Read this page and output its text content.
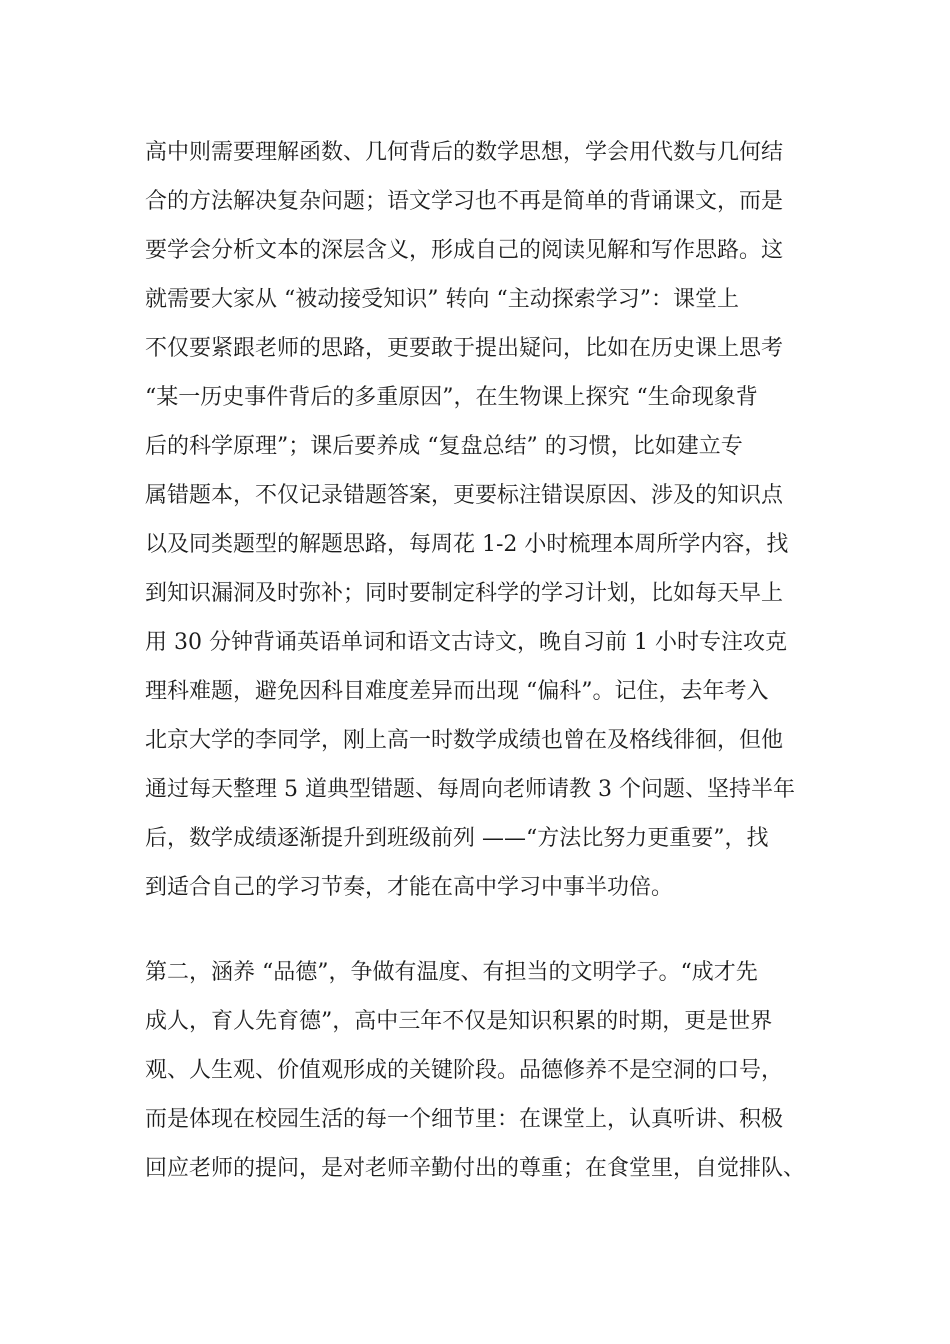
高中则需要理解函数、几何背后的数学思想，学会用代数与几何结
合的方法解决复杂问题；语文学习也不再是简单的背诵课文，而是
要学会分析文本的深层含义，形成自己的阅读见解和写作思路。这
就需要大家从 “被动接受知识” 转向 “主动探索学习”：课堂上
不仅要紧跟老师的思路，更要敢于提出疑问，比如在历史课上思考
“某一历史事件背后的多重原因”，在生物课上探究 “生命现象背
后的科学原理”；课后要养成 “复盘总结” 的习惯，比如建立专
属错题本，不仅记录错题答案，更要标注错误原因、涉及的知识点
以及同类题型的解题思路，每周花 1-2 小时梳理本周所学内容，找
到知识漏洞及时弥补；同时要制定科学的学习计划，比如每天早上
用 30 分钟背诵英语单词和语文古诗文，晚自习前 1 小时专注攻克
理科难题，避免因科目难度差异而出现 “偏科”。记住，去年考入
北京大学的李同学，刚上高一时数学成绩也曾在及格线徘徊，但他
通过每天整理 5 道典型错题、每周向老师请教 3 个问题、坚持半年
后，数学成绩逐渐提升到班级前列 ——“方法比努力更重要”，找
到适合自己的学习节奏，才能在高中学习中事半功倍。
第二，涵养 “品德”，争做有温度、有担当的文明学子。“成才先
成人，育人先育德”，高中三年不仅是知识积累的时期，更是世界
观、人生观、价值观形成的关键阶段。品德修养不是空洞的口号，
而是体现在校园生活的每一个细节里：在课堂上，认真听讲、积极
回应老师的提问，是对老师辛勤付出的尊重；在食堂里，自觉排队、
